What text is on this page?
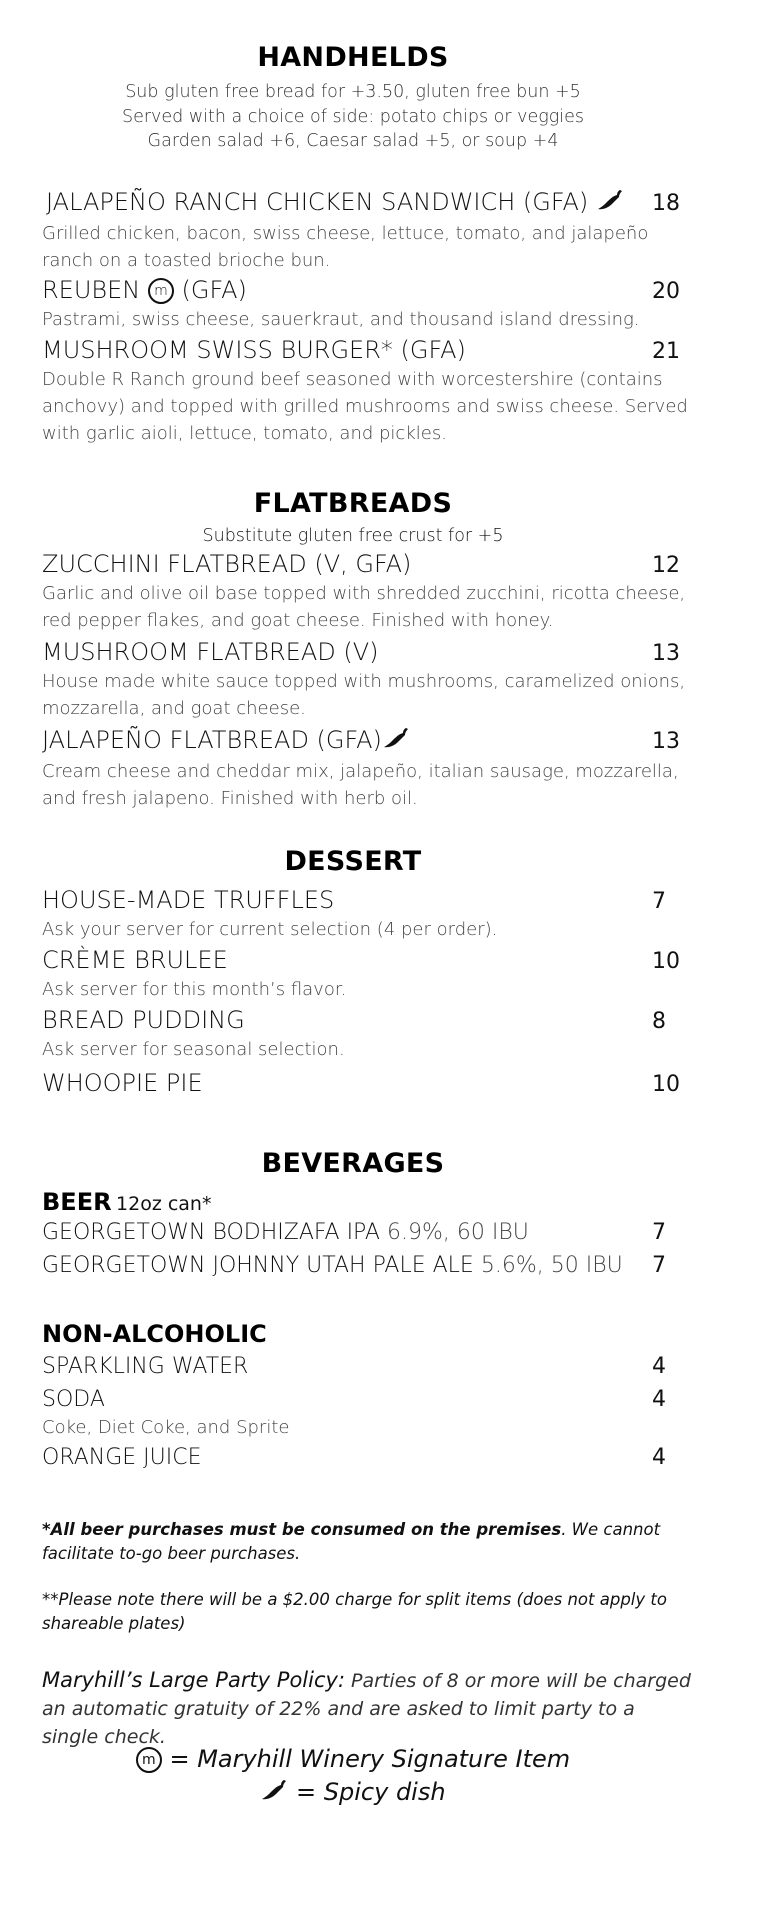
HANDHELDS
Sub gluten free bread for +3.50, gluten free bun +5
Served with a choice of side: potato chips or veggies
Garden salad +6, Caesar salad +5, or soup +4
JALAPEÑO RANCH CHICKEN SANDWICH (GFA)	18
Grilled chicken, bacon, swiss cheese, lettuce, tomato, and jalapeño ranch on a toasted brioche bun.
REUBEN m (GFA)	20
Pastrami, swiss cheese, sauerkraut, and thousand island dressing.
MUSHROOM SWISS BURGER* (GFA)	21
Double R Ranch ground beef seasoned with worcestershire (contains anchovy) and topped with grilled mushrooms and swiss cheese. Served with garlic aioli, lettuce, tomato, and pickles.
FLATBREADS
Substitute gluten free crust for +5
ZUCCHINI FLATBREAD (V, GFA)	12
Garlic and olive oil base topped with shredded zucchini, ricotta cheese, red pepper flakes, and goat cheese. Finished with honey.
MUSHROOM FLATBREAD (V)	13
House made white sauce topped with mushrooms, caramelized onions, mozzarella, and goat cheese.
JALAPEÑO FLATBREAD (GFA)	13
Cream cheese and cheddar mix, jalapeño, italian sausage, mozzarella, and fresh jalapeno. Finished with herb oil.
DESSERT
HOUSE-MADE TRUFFLES	7
Ask your server for current selection (4 per order).
CRÈME BRULEE	10
Ask server for this month’s flavor.
BREAD PUDDING	8
Ask server for seasonal selection.
WHOOPIE PIE	10
BEVERAGES
BEER 12oz can*
GEORGETOWN BODHIZAFA IPA 6.9%, 60 IBU	7
GEORGETOWN JOHNNY UTAH PALE ALE 5.6%, 50 IBU 7
NON-ALCOHOLIC
SPARKLING WATER	4
SODA	4
Coke, Diet Coke, and Sprite
ORANGE JUICE	4
*All beer purchases must be consumed on the premises. We cannot facilitate to-go beer purchases.
**Please note there will be a $2.00 charge for split items (does not apply to shareable plates)
Maryhill’s Large Party Policy: Parties of 8 or more will be charged an automatic gratuity of 22% and are asked to limit party to a single check.
m = Maryhill Winery Signature Item
= Spicy dish
